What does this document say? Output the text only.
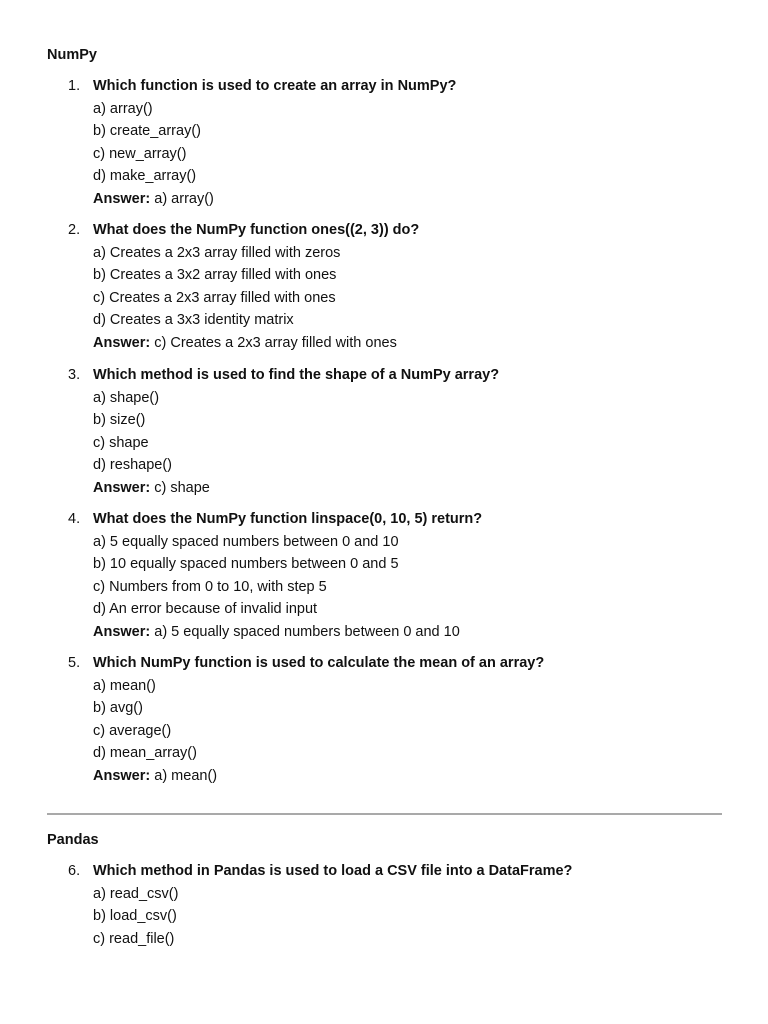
NumPy
1. Which function is used to create an array in NumPy?
a) array()
b) create_array()
c) new_array()
d) make_array()
Answer: a) array()
2. What does the NumPy function ones((2, 3)) do?
a) Creates a 2x3 array filled with zeros
b) Creates a 3x2 array filled with ones
c) Creates a 2x3 array filled with ones
d) Creates a 3x3 identity matrix
Answer: c) Creates a 2x3 array filled with ones
3. Which method is used to find the shape of a NumPy array?
a) shape()
b) size()
c) shape
d) reshape()
Answer: c) shape
4. What does the NumPy function linspace(0, 10, 5) return?
a) 5 equally spaced numbers between 0 and 10
b) 10 equally spaced numbers between 0 and 5
c) Numbers from 0 to 10, with step 5
d) An error because of invalid input
Answer: a) 5 equally spaced numbers between 0 and 10
5. Which NumPy function is used to calculate the mean of an array?
a) mean()
b) avg()
c) average()
d) mean_array()
Answer: a) mean()
Pandas
6. Which method in Pandas is used to load a CSV file into a DataFrame?
a) read_csv()
b) load_csv()
c) read_file()
